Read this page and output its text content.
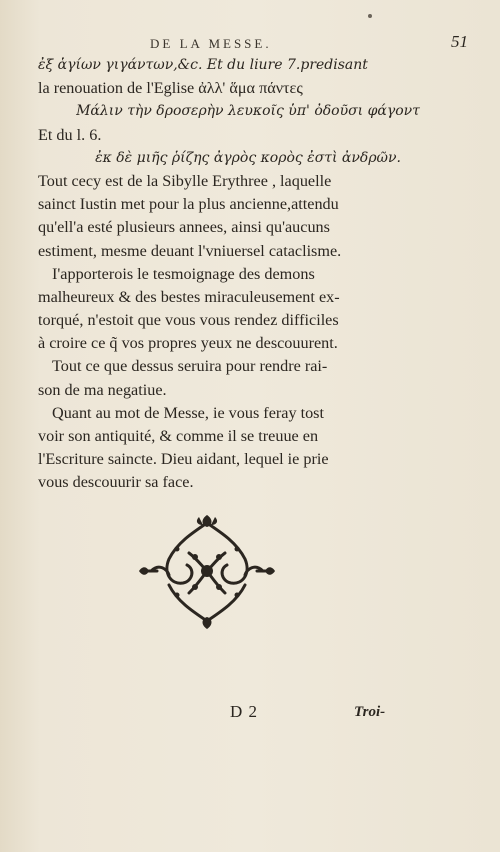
DE LA MESSE.	51
ἐξ ἁγίων γιγάντων,&c. Et du liure 7.predisant
la renouation de l'Eglise ἀλλ' ἅμα πάντες
Μάλιν τὴν δροσερὴν λευκοῖς ὑπ' ὀδοῦσι φάγοντ
Et du l. 6.
ἐκ δὲ μιῆς ῥίζης ἀγρὸς κορὸς ἐστὶ ἀνδρῶν.
Tout cecy est de la Sibylle Erythree , laquelle
sainct Iustin met pour la plus ancienne,attendu
qu'ell'a esté plusieurs annees, ainsi qu'aucuns
estiment, mesme deuant l'vniuersel cataclisme.
I'apporterois le tesmoignage des demons
malheureux & des bestes miraculeusement ex-
torqué, n'estoit que vous vous rendez difficiles
à croire ce q̃ vos propres yeux ne descouurent.
Tout ce que dessus seruira pour rendre rai-
son de ma negatiue.
Quant au mot de Messe, ie vous feray tost
voir son antiquité, & comme il se treuue en
l'Escriture saincte. Dieu aidant, lequel ie prie
vous descouurir sa face.
D 2	Troi-
